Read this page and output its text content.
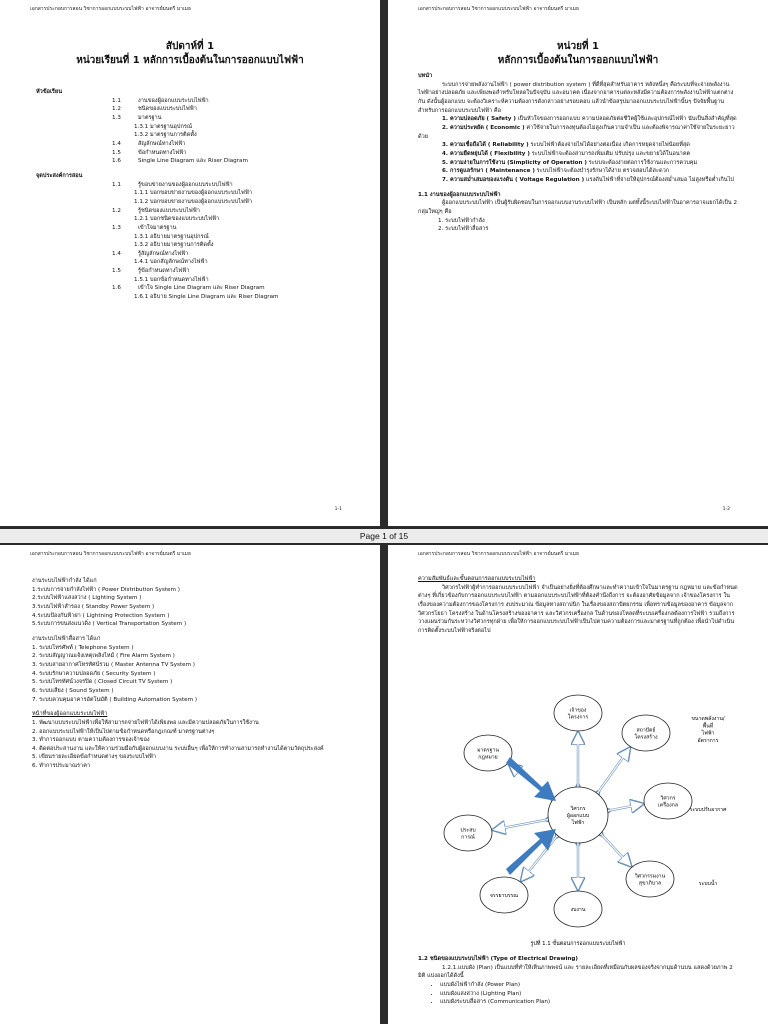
เอกสารประกอบการสอน วิชาการออกแบบระบบไฟฟ้า อาจารย์มนตรี มาเมธ
สัปดาห์ที่ 1
หน่วยเรียนที่ 1 หลักการเบื้องต้นในการออกแบบไฟฟ้า
หัวข้อเรียน
1.1	งานของผู้ออกแบบระบบไฟฟ้า
1.2	ชนิดของแบบระบบไฟฟ้า
1.3	มาตรฐาน
1.3.1 มาตรฐานอุปกรณ์
1.3.2 มาตรฐานการติดตั้ง
1.4	สัญลักษณ์ทางไฟฟ้า
1.5	ข้อกำหนดทางไฟฟ้า
1.6	Single Line Diagram และ Riser Diagram
จุดประสงค์การสอน
1.1	รู้ขอบข่ายงานของผู้ออกแบบระบบไฟฟ้า
1.1.1 บอกขอบข่ายงานของผู้ออกแบบระบบไฟฟ้า
1.1.2 บอกขอบข่ายงานของผู้ออกแบบระบบไฟฟ้า
1.2	รู้ชนิดของแบบระบบไฟฟ้า
1.2.1 บอกชนิดของแบบระบบไฟฟ้า
1.3	เข้าใจมาตรฐาน
1.3.1 อธิบายมาตรฐานอุปกรณ์
1.3.2 อธิบายมาตรฐานการติดตั้ง
1.4	รู้สัญลักษณ์ทางไฟฟ้า
1.4.1 บอกสัญลักษณ์ทางไฟฟ้า
1.5	รู้ข้อกำหนดทางไฟฟ้า
1.5.1 บอกข้อกำหนดทางไฟฟ้า
1.6	เข้าใจ Single Line Diagram และ Riser Diagram
1.6.1 อธิบาย Single Line Diagram และ Riser Diagram
1-1
เอกสารประกอบการสอน วิชาการออกแบบระบบไฟฟ้า อาจารย์มนตรี มาเมธ
หน่วยที่ 1
หลักการเบื้องต้นในการออกแบบไฟฟ้า
บทนำ

ระบบการจ่ายพลังงานไฟฟ้า ( power distribution system ) ที่ดีที่สุดสำหรับอาคาร หลังหนึ่งๆ คือระบบที่จะจ่ายพลังงานไฟฟ้าอย่างปลอดภัย และเพียงพอสำหรับโหลดในปัจจุบัน และอนาคต เนื่องจากอาคารแต่ละหลังมีความต้องการพลังงานไฟฟ้าแตกต่างกัน ดังนั้นผู้ออกแบบ จะต้องวิเคราะห์ความต้องการดังกล่าวอย่างรอบคอบ แล้วนำข้อสรุปมาออกแบบระบบไฟฟ้านั้นๆ ปัจจัยพื้นฐานสำหรับการออกแบบระบบไฟฟ้า คือ

1. ความปลอดภัย ( Safety ) เป็นหัวใจของการออกแบบ ความปลอดภัยต่อชีวิตผู้ใช้และอุปกรณ์ไฟฟ้า นับเป็นสิ่งสำคัญที่สุด

2. ความประหยัด ( Economic ) ค่าใช้จ่ายในการลงทุนต้องไม่สูงเกินความจำเป็น และต้องพิจารณาค่าใช้จ่ายในระยะยาวด้วย

3. ความเชื่อถือได้ ( Reliability ) ระบบไฟฟ้าต้องจ่ายไฟได้อย่างต่อเนื่อง เกิดการหยุดจ่ายไฟน้อยที่สุด

4. ความยืดหยุ่นได้ ( Flexibility ) ระบบไฟฟ้าจะต้องสามารถเพิ่มเติม ปรับปรุง และขยายได้ในอนาคต

5. ความง่ายในการใช้งาน (Simplicity of Operation ) ระบบจะต้องง่ายต่อการใช้งานและการควบคุม

6. การดูแลรักษา ( Maintenance ) ระบบไฟฟ้าจะต้องบำรุงรักษาได้ง่าย ตรวจสอบได้สะดวก

7. ความสม่ำเสมอของแรงดัน ( Voltage Regulation ) แรงดันไฟฟ้าที่จ่ายให้อุปกรณ์ต้องสม่ำเสมอ ไม่สูงหรือต่ำเกินไป

1.1 งานของผู้ออกแบบระบบไฟฟ้า

ผู้ออกแบบระบบไฟฟ้า เป็นผู้รับผิดชอบในการออกแบบงานระบบไฟฟ้า เป็นหลัก แต่ทั้งนี้ระบบไฟฟ้าในอาคารอาจแยกได้เป็น 2 กลุ่มใหญ่ๆ คือ

1. ระบบไฟฟ้ากำลัง
2. ระบบไฟฟ้าสื่อสาร
1-2
Page 1 of 15
เอกสารประกอบการสอน วิชาการออกแบบระบบไฟฟ้า อาจารย์มนตรี มาเมธ
งานระบบไฟฟ้ากำลัง ได้แก่
1.ระบบการจ่ายกำลังไฟฟ้า ( Power Distribution System )
2.ระบบไฟฟ้าแสงสว่าง ( Lighting System )
3.ระบบไฟฟ้าสำรอง ( Standby Power System )
4.ระบบป้องกันฟ้าผ่า ( Lightning Protection System )
5.ระบบการขนส่งแนวดิ่ง ( Vertical Transportation System )
งานระบบไฟฟ้าสื่อสาร ได้แก่
1. ระบบโทรศัพท์ ( Telephone System )
2. ระบบสัญญาณแจ้งเหตุเพลิงไหม้ ( Fire Alarm System )
3. ระบบสายอากาศโทรทัศน์รวม ( Master Antenna TV System )
4. ระบบรักษาความปลอดภัย ( Security System )
5. ระบบโทรทัศน์วงจรปิด ( Closed Circuit TV System )
6. ระบบเสียง ( Sound System )
7. ระบบควบคุมอาคารอัตโนมัติ ( Building Automation System )
หน้าที่ของผู้ออกแบบระบบไฟฟ้า
1. พัฒนาแบบระบบไฟฟ้าเพื่อให้สามารถจ่ายไฟฟ้าได้เพียงพอ และมีความปลอดภัยในการใช้งาน
2. ออกแบบระบบไฟฟ้าให้เป็นไปตามข้อกำหนดหรือกฎเกณฑ์ มาตรฐานต่างๆ
3. ทำการออกแบบ ตามความต้องการของเจ้าของ
4. ติดต่อประสานงาน และให้ความร่วมมือกับผู้ออกแบบงาน ระบบอื่นๆ เพื่อให้การทำงานสามารถทำงานได้ตามวัตถุประสงค์
5. เขียนรายละเอียดข้อกำหนดต่างๆ ของระบบไฟฟ้า
6. ทำการประมาณราคา
เอกสารประกอบการสอน วิชาการออกแบบระบบไฟฟ้า อาจารย์มนตรี มาเมธ
ความสัมพันธ์และขั้นตอนการออกแบบระบบไฟฟ้า

วิศวกรไฟฟ้าผู้ทำการออกแบบระบบไฟฟ้า จำเป็นอย่างยิ่งที่ต้องศึกษาและทำความเข้าใจในมาตรฐาน กฎหมาย และข้อกำหนดต่างๆ ที่เกี่ยวข้องกับการออกแบบระบบไฟฟ้า ตามออกแบบระบบไฟฟ้าที่ต้องคำนึงถึงการ จะต้องอาศัยข้อมูลจาก เจ้าของโครงการ ในเรื่องของความต้องการของโครงการ งบประมาณ ข้อมูลทางสถาปนิก ในเรื่องของสถาปัตยกรรม เพื่อทราบข้อมูลของอาคาร ข้อมูลจากวิศวกรโยธา โครงสร้าง ในด้านโครงสร้างของอาคาร และวิศวกรเครื่องกล ในด้านของโหลดที่ระบบเครื่องกลต้องการไฟฟ้า รวมถึงการวางแผนร่วมกันระหว่างวิศวกรทุกฝ่าย เพื่อให้การออกแบบระบบไฟฟ้าเป็นไปตามความต้องการและมาตรฐานที่ถูกต้อง เพื่อนำไปดำเนินการติดตั้งระบบไฟฟ้าจริงต่อไป

วิศวกรผู้ออกแบบไฟฟ้า
เจ้าของโครงการ
สถาปัตย์โครงสร้าง
วิศวกรเครื่องกล
วิศวกรรมงานสุขาภิบาล
งบงาน
จรรยาบรรณ
ประสบการณ์
มาตรฐานกฎหมาย
ขนาดพลังงาน/พื้นที่ไฟฟ้าอัตราการ
ระบบปรับอากาศ
ระบบน้ำ
รูปที่ 1.1 ขั้นตอนการออกแบบระบบไฟฟ้า
1.2 ชนิดของแบบระบบไฟฟ้า (Type of Electrical Drawing)

1.2.1.แบบผัง (Plan) เป็นแบบที่ทำให้เห็นภาพพจน์ และ รายละเอียดที่เหมือนกับผลของจริงจากมุมด้านบน แสดงด้วยภาพ 2 มิติ แบ่งออกได้ดังนี้

• แบบผังไฟฟ้ากำลัง (Power Plan)
• แบบผังแสงสว่าง (Lighting Plan)
• แบบผังระบบสื่อสาร (Communication Plan)
